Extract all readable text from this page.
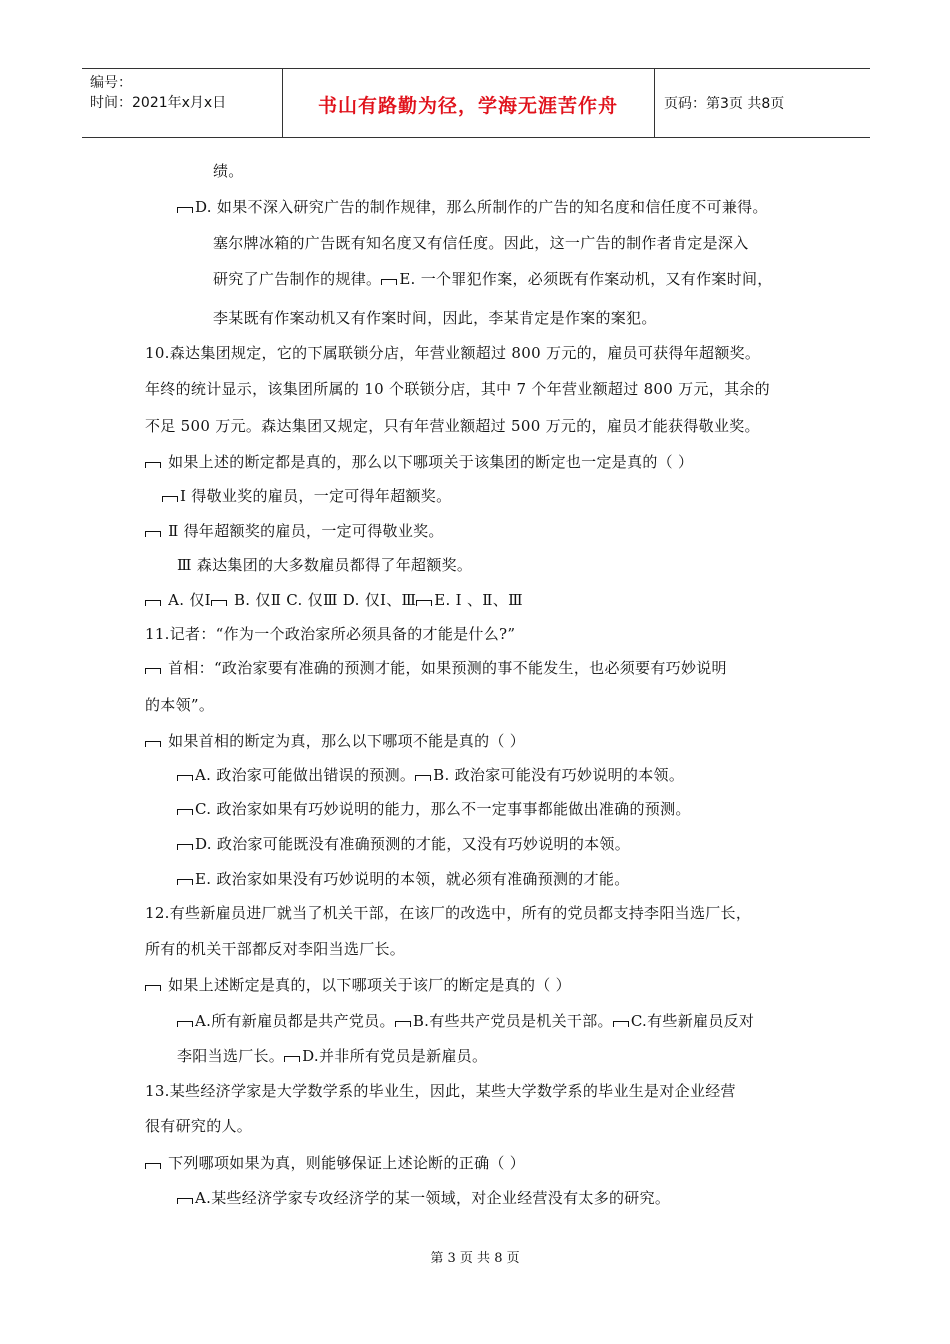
编号：
时间：2021年x月x日	书山有路勤为径，学海无涯苦作舟	页码：第3页 共8页
绩。
D. 如果不深入研究广告的制作规律，那么所制作的广告的知名度和信任度不可兼得。
塞尔牌冰箱的广告既有知名度又有信任度。因此，这一广告的制作者肯定是深入
研究了广告制作的规律。 E. 一个罪犯作案，必须既有作案动机，又有作案时间，
李某既有作案动机又有作案时间，因此，李某肯定是作案的案犯。
10.森达集团规定，它的下属联锁分店，年营业额超过 800 万元的，雇员可获得年超额奖。
年终的统计显示，该集团所属的 10 个联锁分店，其中 7 个年营业额超过 800 万元，其余的
不足 500 万元。森达集团又规定，只有年营业额超过 500 万元的，雇员才能获得敬业奖。
如果上述的断定都是真的，那么以下哪项关于该集团的断定也一定是真的（ ）
Ⅰ 得敬业奖的雇员，一定可得年超额奖。
Ⅱ 得年超额奖的雇员，一定可得敬业奖。
Ⅲ 森达集团的大多数雇员都得了年超额奖。
A. 仅Ⅰ B. 仅Ⅱ C. 仅Ⅲ D. 仅Ⅰ、Ⅲ E. Ⅰ 、Ⅱ、Ⅲ
11.记者：“作为一个政治家所必须具备的才能是什么?”
首相：“政治家要有准确的预测才能，如果预测的事不能发生，也必须要有巧妙说明
的本领”。
如果首相的断定为真，那么以下哪项不能是真的（ ）
A. 政治家可能做出错误的预测。 B. 政治家可能没有巧妙说明的本领。
C. 政治家如果有巧妙说明的能力，那么不一定事事都能做出准确的预测。
D. 政治家可能既没有准确预测的才能，又没有巧妙说明的本领。
E. 政治家如果没有巧妙说明的本领，就必须有准确预测的才能。
12.有些新雇员进厂就当了机关干部，在该厂的改选中，所有的党员都支持李阳当选厂长，
所有的机关干部都反对李阳当选厂长。
如果上述断定是真的，以下哪项关于该厂的断定是真的（ ）
A.所有新雇员都是共产党员。 B.有些共产党员是机关干部。 C.有些新雇员反对
李阳当选厂长。 D.并非所有党员是新雇员。
13.某些经济学家是大学数学系的毕业生，因此，某些大学数学系的毕业生是对企业经营
很有研究的人。
下列哪项如果为真，则能够保证上述论断的正确（ ）
A.某些经济学家专攻经济学的某一领域，对企业经营没有太多的研究。
第 3 页 共 8 页
